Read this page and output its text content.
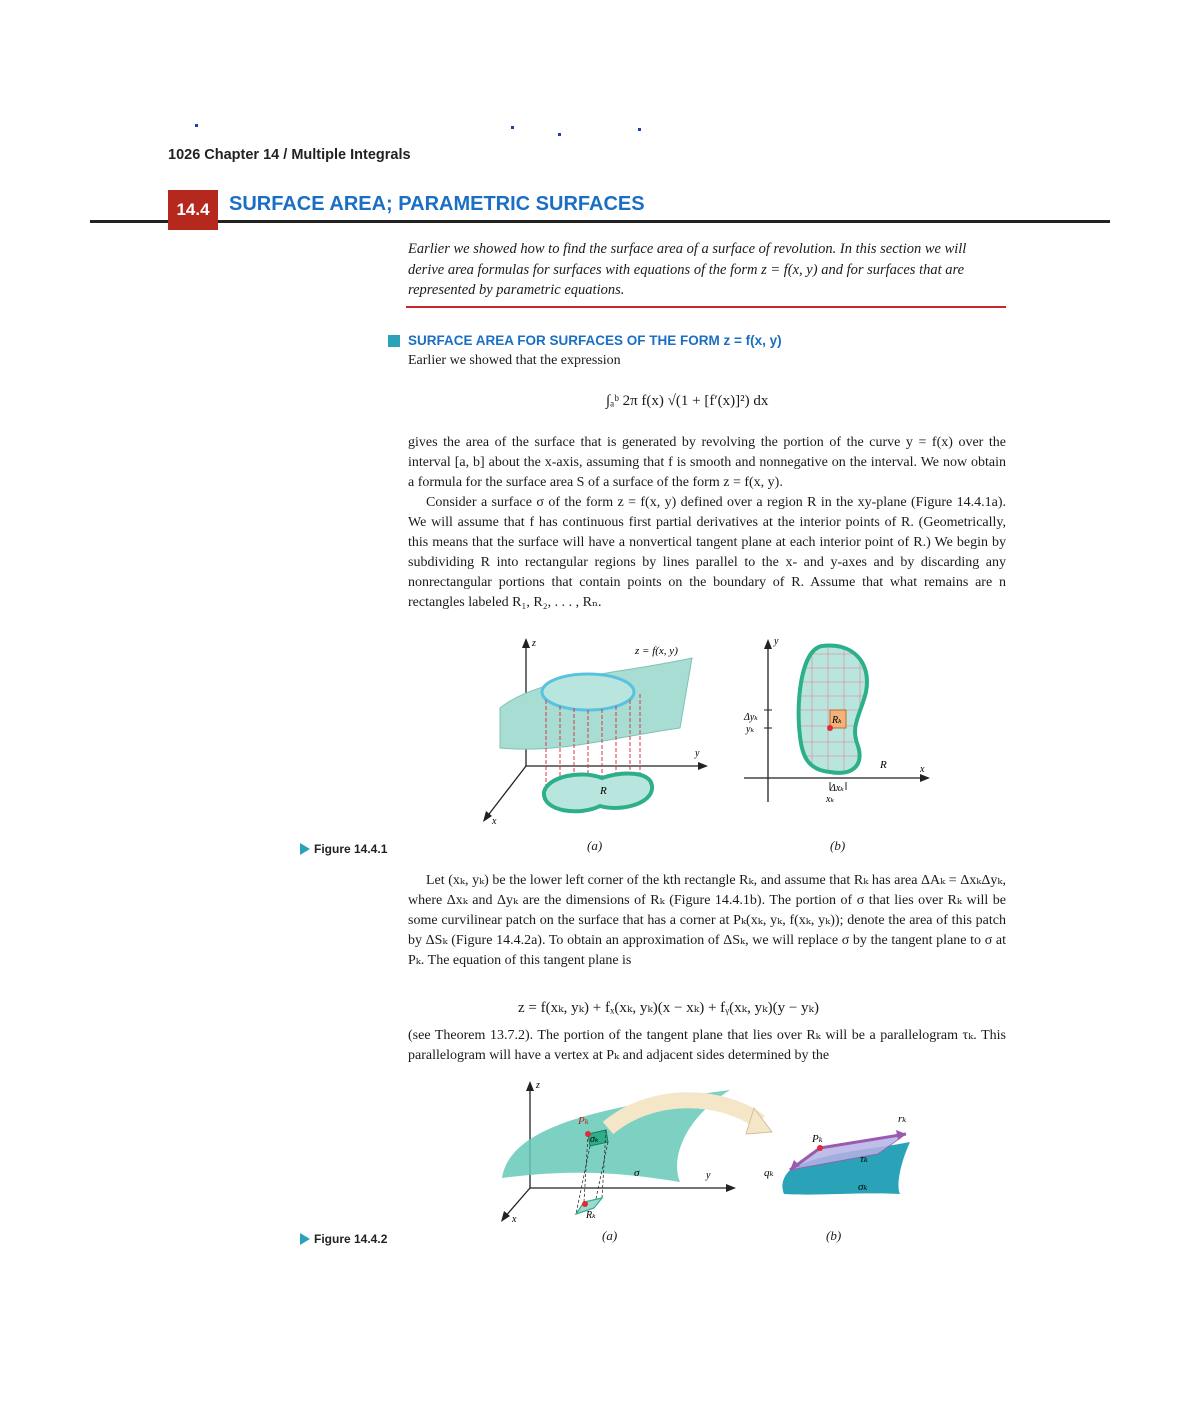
1026 Chapter 14 / Multiple Integrals
14.4 SURFACE AREA; PARAMETRIC SURFACES
Earlier we showed how to find the surface area of a surface of revolution. In this section we will derive area formulas for surfaces with equations of the form z = f(x, y) and for surfaces that are represented by parametric equations.
SURFACE AREA FOR SURFACES OF THE FORM z = f(x, y)

Earlier we showed that the expression

∫ₐᵇ 2π f(x) √(1 + [f′(x)]²) dx

gives the area of the surface that is generated by revolving the portion of the curve y = f(x) over the interval [a, b] about the x-axis, assuming that f is smooth and nonnegative on the interval. We now obtain a formula for the surface area S of a surface of the form z = f(x, y).

Consider a surface σ of the form z = f(x, y) defined over a region R in the xy-plane (Figure 14.4.1a). We will assume that f has continuous first partial derivatives at the interior points of R. (Geometrically, this means that the surface will have a nonvertical tangent plane at each interior point of R.) We begin by subdividing R into rectangular regions by lines parallel to the x- and y-axes and by discarding any nonrectangular portions that contain points on the boundary of R. Assume that what remains are n rectangles labeled R₁, R₂, . . . , Rₙ.

z = f(x, y)
z
y
x
R
y
x
Δyₖ
yₖ
Δxₖ
xₖ
Rₖ
R
Figure 14.4.1	(a)	(b)

Let (xₖ, yₖ) be the lower left corner of the kth rectangle Rₖ, and assume that Rₖ has area ΔAₖ = ΔxₖΔyₖ, where Δxₖ and Δyₖ are the dimensions of Rₖ (Figure 14.4.1b). The portion of σ that lies over Rₖ will be some curvilinear patch on the surface that has a corner at Pₖ(xₖ, yₖ, f(xₖ, yₖ)); denote the area of this patch by ΔSₖ (Figure 14.4.2a). To obtain an approximation of ΔSₖ, we will replace σ by the tangent plane to σ at Pₖ. The equation of this tangent plane is

z = f(xₖ, yₖ) + fₓ(xₖ, yₖ)(x − xₖ) + fᵧ(xₖ, yₖ)(y − yₖ)

(see Theorem 13.7.2). The portion of the tangent plane that lies over Rₖ will be a parallelogram τₖ. This parallelogram will have a vertex at Pₖ and adjacent sides determined by the

z
y
x
Pₖ
σₖ
σ
Rₖ
Pₖ
rₖ
qₖ
τₖ
σₖ
Figure 14.4.2	(a)	(b)
